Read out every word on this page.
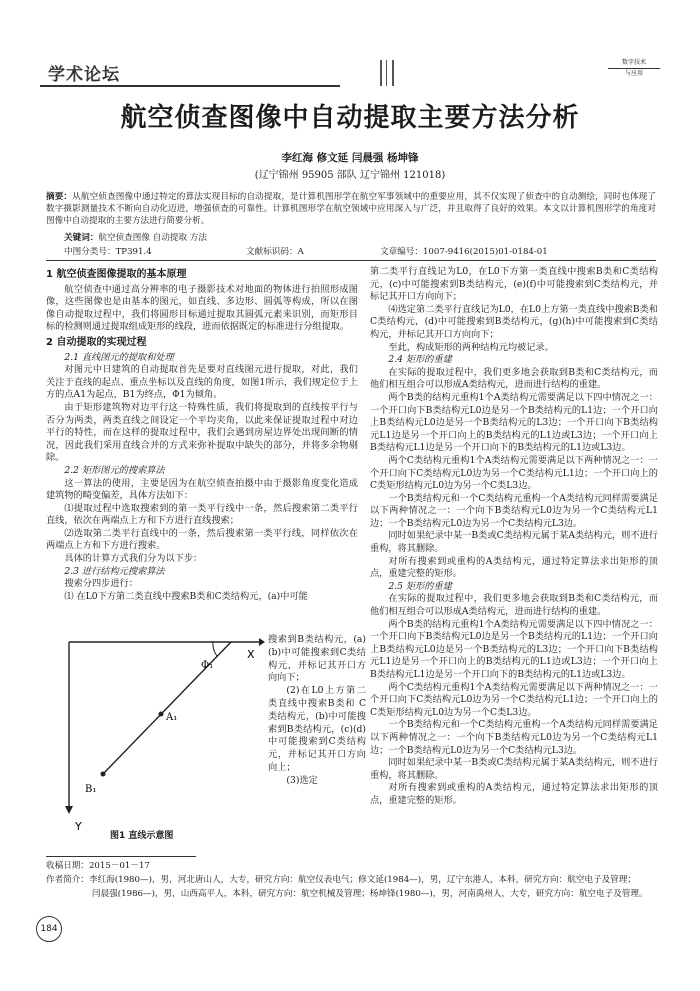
学术论坛
数字技术
与应用
航空侦查图像中自动提取主要方法分析
李红海 修文延 闫晨强 杨坤锋
(辽宁锦州 95905 部队 辽宁锦州 121018)
摘要：从航空侦查图像中通过特定的算法实现目标的自动提取，是计算机图形学在航空军事领域中的重要应用，其不仅实现了侦查中的自动测绘，同时也体现了数字摄影测量技术不断向自动化迈进，增强侦查的可靠性。计算机图形学在航空领域中应用深入与广泛，并且取得了良好的效果。本文以计算机图形学的角度对图像中自动提取的主要方法进行简要分析。
关键词：航空侦查图像 自动提取 方法
中图分类号：TP391.4	文献标识码：A	文章编号：1007-9416(2015)01-0184-01
1 航空侦查图像提取的基本原理

航空侦查中通过高分辨率的电子摄影技术对地面的物体进行拍照形成图像，这些图像也是由基本的图元，如直线、多边形、圆弧等构成，所以在图像自动提取过程中，我们将圆形目标通过提取其圆弧元素来识别，而矩形目标的检测则通过提取组成矩形的线段，进而依据既定的标准进行分组提取。

2 自动提取的实现过程

2.1 直线图元的提取和处理

对图元中日建筑的自动提取首先是要对直线图元进行提取，对此，我们关注于直线的起点、重点坐标以及直线的角度，如图1所示，我们规定位于上方的点A1为起点，B1为终点，Φ1为倾角。

由于矩形建筑物对边平行这一特殊性质，我们将提取到的直线按平行与否分为两类，两类直线之间设定一个平均夹角，以此来保证提取过程中对边平行的特性，而在这样的提取过程中，我们会遇到房屋边界处出现间断的情况，因此我们采用直线合并的方式来弥补提取中缺失的部分，并将多余物剔除。

2.2 矩形图元的搜索算法

这一算法的使用，主要是因为在航空侦查拍摄中由于摄影角度变化造成建筑物的畸变偏差，具体方法如下：

⑴提取过程中选取搜索到的第一类平行线中一条，然后搜索第二类平行直线，依次在两端点上方和下方进行直线搜索；

⑵选取第二类平行直线中的一条，然后搜索第一类平行线，同样依次在两端点上方和下方进行搜索。

具体的计算方式我们分为以下步：

2.3 进行结构元搜索算法

搜索分四步进行：

⑴ 在L0下方第二类直线中搜索B类和C类结构元，(a)中可能

X
Y
Φ₁
A₁
B₁
图1 直线示意图

搜索到B类结构元，(a)(b)中可能搜索到C类结构元，并标记其开口方向向下；

(2)在L0上方第二类直线中搜索B类和 C 类结构元，(b)中可能搜索到B类结构元，(c)(d)中可能搜索到C类结构元，并标记其开口方向向上；

(3)选定

第二类平行直线记为L0，在L0下方第一类直线中搜索B类和C类结构元，(c)中可能搜索到B类结构元，(e)(f)中可能搜索到C类结构元，并标记其开口方向向下；

⑷选定第二类平行直线记为L0，在L0上方第一类直线中搜索B类和C类结构元，(d)中可能搜索到B类结构元，(g)(h)中可能搜索到C类结构元，并标记其开口方向向下；

至此，构成矩形的两种结构元均被记录。

2.4 矩形的重建

在实际的提取过程中，我们更多地会获取到B类和C类结构元，而他们相互组合可以形成A类结构元，进而进行结构的重建。

两个B类的结构元重构1个A类结构元需要满足以下四中情况之一：一个开口向下B类结构元L0边是另一个B类结构元的L1边；一个开口向上B类结构元L0边是另一个B类结构元的L3边；一个开口向下B类结构元L1边是另一个开口向上的B类结构元的L1边或L3边；一个开口向上B类结构元L1边是另一个开口向下的B类结构元的L1边或L3边。

两个C类结构元重构1个A类结构元需要满足以下两种情况之一：一个开口向下C类结构元L0边为另一个C类结构元L1边；一个开口向上的C类矩形结构元L0边为另一个C类L3边。

一个B类结构元和一个C类结构元重构一个A类结构元同样需要满足以下两种情况之一：一个向下B类结构元L0边为另一个C类结构元L1边；一个B类结构元L0边为另一个C类结构元L3边。

同时如果纪录中某一B类或C类结构元属于某A类结构元，则不进行重构，将其删除。

对所有搜索到或重构的A类结构元，通过特定算法求出矩形的顶点，重建完整的矩形。

2.5 矩形的重建

在实际的提取过程中，我们更多地会获取到B类和C类结构元，而他们相互组合可以形成A类结构元，进而进行结构的重建。

两个B类的结构元重构1个A类结构元需要满足以下四中情况之一：一个开口向下B类结构元L0边是另一个B类结构元的L1边；一个开口向上B类结构元L0边是另一个B类结构元的L3边；一个开口向下B类结构元L1边是另一个开口向上的B类结构元的L1边或L3边；一个开口向上B类结构元L1边是另一个开口向下的B类结构元的L1边或L3边。

两个C类结构元重构1个A类结构元需要满足以下两种情况之一：一个开口向下C类结构元L0边为另一个C类结构元L1边；一个开口向上的C类矩形结构元L0边为另一个C类L3边。

一个B类结构元和一个C类结构元重构一个A类结构元同样需要满足以下两种情况之一：一个向下B类结构元L0边为另一个C类结构元L1边；一个B类结构元L0边为另一个C类结构元L3边。

同时如果纪录中某一B类或C类结构元属于某A类结构元，则不进行重构，将其删除。

对所有搜索到或重构的A类结构元，通过特定算法求出矩形的顶点，重建完整的矩形。

收稿日期：2015－01－17
作者简介：李红海(1980—)，男，河北唐山人，大专，研究方向：航空仪表电气；修文延(1984—)，男，辽宁东港人，本科，研究方向：航空电子及管理；
闫晨强(1986—)，男，山西高平人，本科，研究方向：航空机械及管理；杨坤锋(1980—)，男，河南禹州人，大专，研究方向：航空电子及管理。
184
